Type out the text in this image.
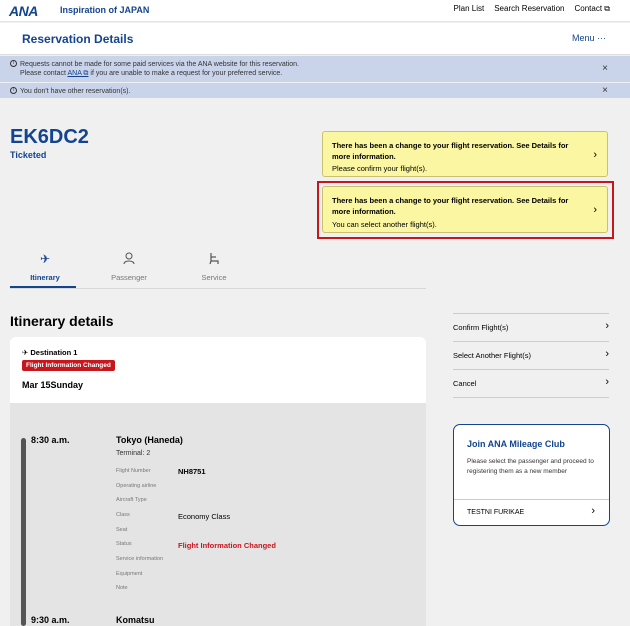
ANA Inspiration of JAPAN	Plan List Search Reservation Contact ⧉
Reservation Details	Menu ···
i Requests cannot be made for some paid services via the ANA website for this reservation.
Please contact ANA ⧉ if you are unable to make a request for your preferred service.	×
i You don't have other reservation(s).	×
EK6DC2
Ticketed
There has been a change to your flight reservation. See Details for more information.
Please confirm your flight(s).
›
There has been a change to your flight reservation. See Details for more information.
You can select another flight(s).
›
✈
Itinerary	Passenger	Service
Itinerary details
✈ Destination 1
Flight Information Changed
Mar 15Sunday
8:30 a.m.	Tokyo (Haneda)
Terminal: 2
Flight Number	NH8751
Operating airline
Aircraft Type
Class	Economy Class
Seat
Status	Flight Information Changed
Service information
Equipment
Note
9:30 a.m.	Komatsu
Confirm Flight(s)	›
Select Another Flight(s)	›
Cancel	›
Join ANA Mileage Club
Please select the passenger and proceed to registering them as a new member
TESTNI FURIKAE	›
